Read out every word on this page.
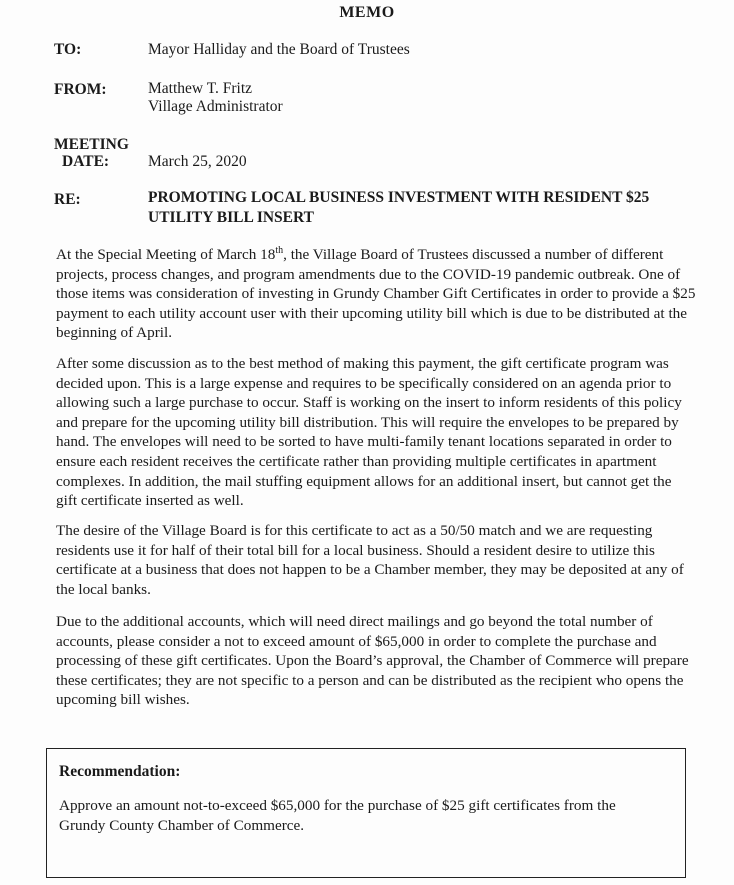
MEMO
TO:	Mayor Halliday and the Board of Trustees
FROM:	Matthew T. Fritz
Village Administrator
MEETING
DATE:	March 25, 2020
RE:	PROMOTING LOCAL BUSINESS INVESTMENT WITH RESIDENT $25 UTILITY BILL INSERT

At the Special Meeting of March 18th, the Village Board of Trustees discussed a number of different projects, process changes, and program amendments due to the COVID-19 pandemic outbreak. One of those items was consideration of investing in Grundy Chamber Gift Certificates in order to provide a $25 payment to each utility account user with their upcoming utility bill which is due to be distributed at the beginning of April.

After some discussion as to the best method of making this payment, the gift certificate program was decided upon. This is a large expense and requires to be specifically considered on an agenda prior to allowing such a large purchase to occur. Staff is working on the insert to inform residents of this policy and prepare for the upcoming utility bill distribution. This will require the envelopes to be prepared by hand. The envelopes will need to be sorted to have multi-family tenant locations separated in order to ensure each resident receives the certificate rather than providing multiple certificates in apartment complexes. In addition, the mail stuffing equipment allows for an additional insert, but cannot get the gift certificate inserted as well.

The desire of the Village Board is for this certificate to act as a 50/50 match and we are requesting residents use it for half of their total bill for a local business. Should a resident desire to utilize this certificate at a business that does not happen to be a Chamber member, they may be deposited at any of the local banks.

Due to the additional accounts, which will need direct mailings and go beyond the total number of accounts, please consider a not to exceed amount of $65,000 in order to complete the purchase and processing of these gift certificates. Upon the Board’s approval, the Chamber of Commerce will prepare these certificates; they are not specific to a person and can be distributed as the recipient who opens the upcoming bill wishes.

Recommendation:
Approve an amount not-to-exceed $65,000 for the purchase of $25 gift certificates from the Grundy County Chamber of Commerce.
